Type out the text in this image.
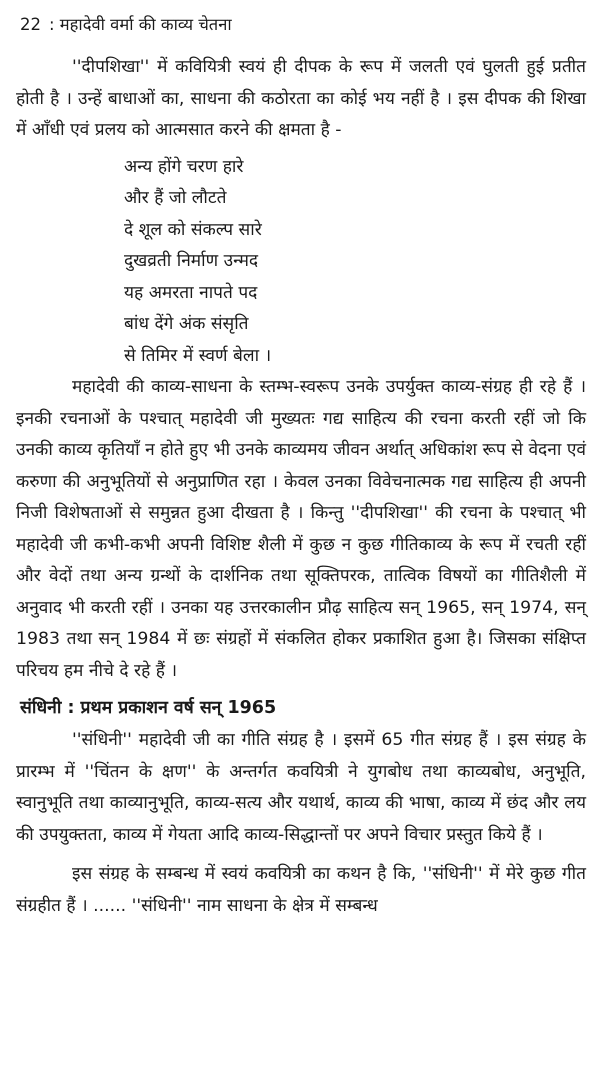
22 : महादेवी वर्मा की काव्य चेतना

''दीपशिखा'' में कवियित्री स्वयं ही दीपक के रूप में जलती एवं घुलती हुई प्रतीत होती है । उन्हें बाधाओं का, साधना की कठोरता का कोई भय नहीं है । इस दीपक की शिखा में आँधी एवं प्रलय को आत्मसात करने की क्षमता है -

अन्य होंगे चरण हारे
और हैं जो लौटते
दे शूल को संकल्प सारे
दुखव्रती निर्माण उन्मद
यह अमरता नापते पद
बांध देंगे अंक संसृति
से तिमिर में स्वर्ण बेला ।

महादेवी की काव्य-साधना के स्तम्भ-स्वरूप उनके उपर्युक्त काव्य-संग्रह ही रहे हैं । इनकी रचनाओं के पश्चात् महादेवी जी मुख्यतः गद्य साहित्य की रचना करती रहीं जो कि उनकी काव्य कृतियाँ न होते हुए भी उनके काव्यमय जीवन अर्थात् अधिकांश रूप से वेदना एवं करुणा की अनुभूतियों से अनुप्राणित रहा । केवल उनका विवेचनात्मक गद्य साहित्य ही अपनी निजी विशेषताओं से समुन्नत हुआ दीखता है । किन्तु ''दीपशिखा'' की रचना के पश्चात् भी महादेवी जी कभी-कभी अपनी विशिष्ट शैली में कुछ न कुछ गीतिकाव्य के रूप में रचती रहीं और वेदों तथा अन्य ग्रन्थों के दार्शनिक तथा सूक्तिपरक, तात्विक विषयों का गीतिशैली में अनुवाद भी करती रहीं । उनका यह उत्तरकालीन प्रौढ़ साहित्य सन् 1965, सन् 1974, सन् 1983 तथा सन् 1984 में छः संग्रहों में संकलित होकर प्रकाशित हुआ है। जिसका संक्षिप्त परिचय हम नीचे दे रहे हैं ।

संधिनी : प्रथम प्रकाशन वर्ष सन् 1965

''संधिनी'' महादेवी जी का गीति संग्रह है । इसमें 65 गीत संग्रह हैं । इस संग्रह के प्रारम्भ में ''चिंतन के क्षण'' के अन्तर्गत कवयित्री ने युगबोध तथा काव्यबोध, अनुभूति, स्वानुभूति तथा काव्यानुभूति, काव्य-सत्य और यथार्थ, काव्य की भाषा, काव्य में छंद और लय की उपयुक्तता, काव्य में गेयता आदि काव्य-सिद्धान्तों पर अपने विचार प्रस्तुत किये हैं ।

इस संग्रह के सम्बन्ध में स्वयं कवयित्री का कथन है कि, ''संधिनी'' में मेरे कुछ गीत संग्रहीत हैं । ...... ''संधिनी'' नाम साधना के क्षेत्र में सम्बन्ध
